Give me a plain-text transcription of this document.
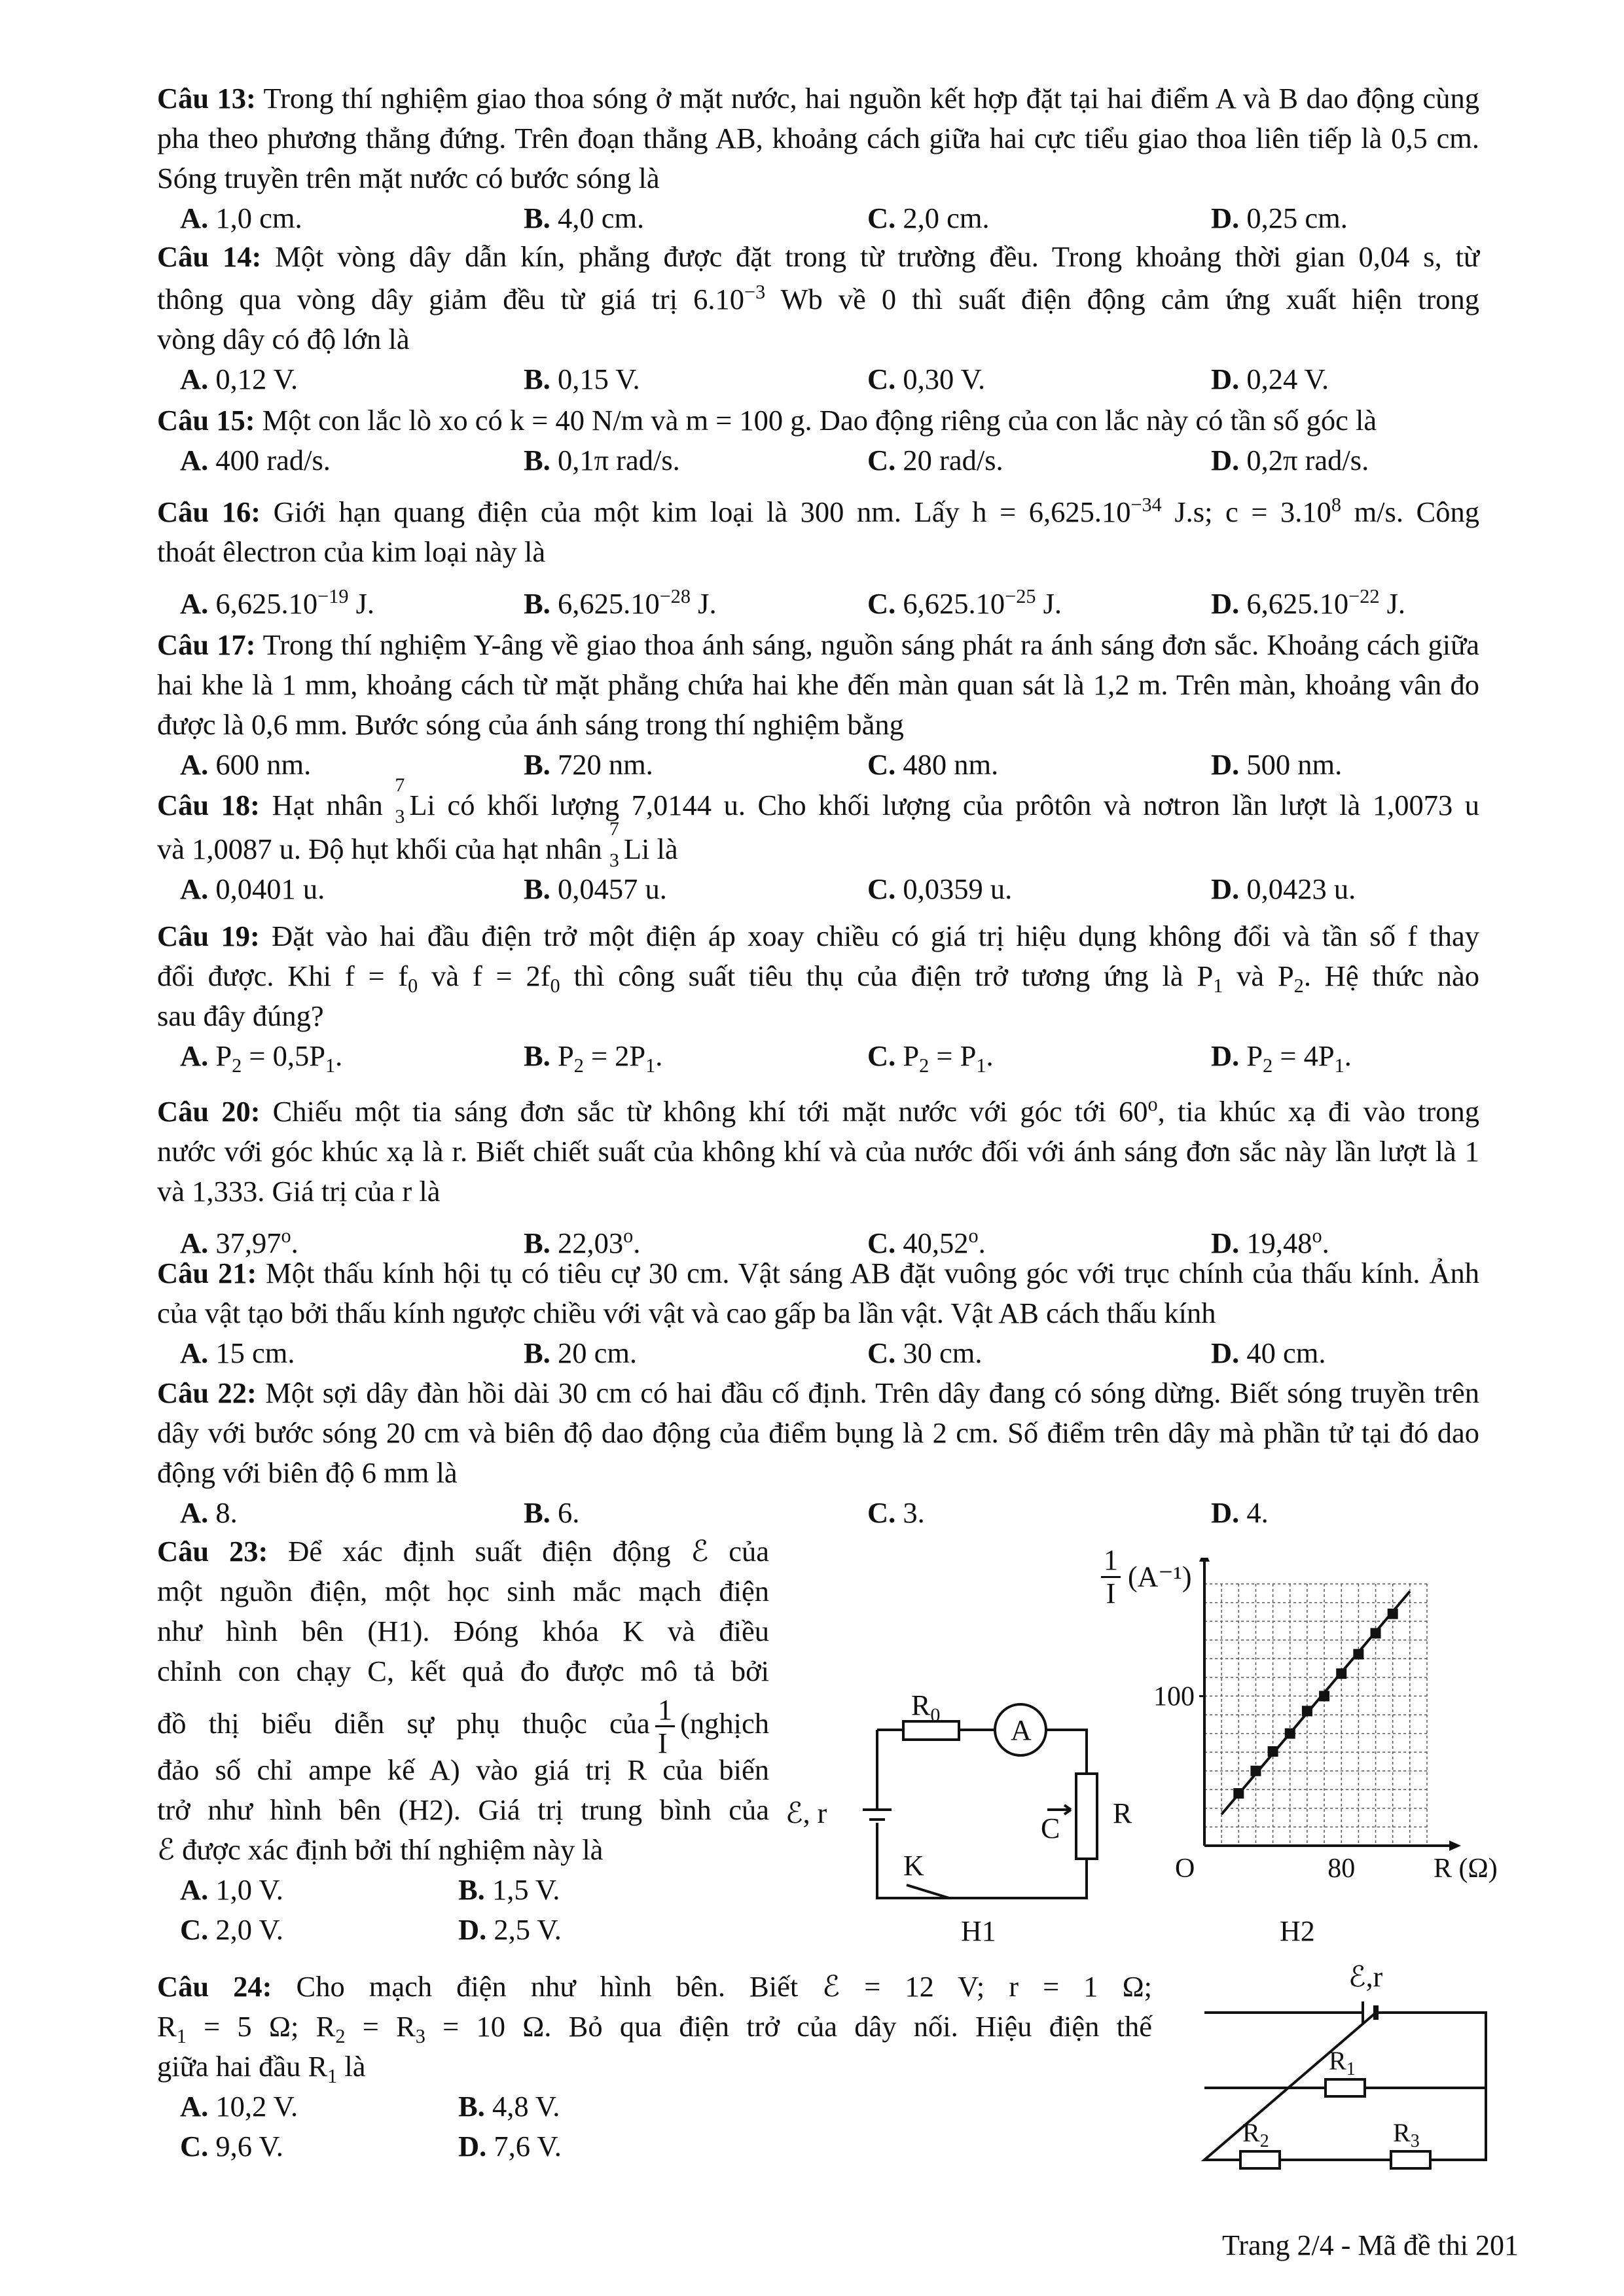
Câu 13: Trong thí nghiệm giao thoa sóng ở mặt nước, hai nguồn kết hợp đặt tại hai điểm A và B dao động cùng pha theo phương thẳng đứng. Trên đoạn thẳng AB, khoảng cách giữa hai cực tiểu giao thoa liên tiếp là 0,5 cm. Sóng truyền trên mặt nước có bước sóng là

A. 1,0 cm.	B. 4,0 cm.	C. 2,0 cm.	D. 0,25 cm.

Câu 14: Một vòng dây dẫn kín, phẳng được đặt trong từ trường đều. Trong khoảng thời gian 0,04 s, từ

thông qua vòng dây giảm đều từ giá trị $6.10^{-3}$ Wb về 0 thì suất điện động cảm ứng xuất hiện trong

vòng dây có độ lớn là

A. 0,12 V.	B. 0,15 V.	C. 0,30 V.	D. 0,24 V.

Câu 15: Một con lắc lò xo có k = 40 N/m và m = 100 g. Dao động riêng của con lắc này có tần số góc là

A. 400 rad/s.	B. 0,1π rad/s.	C. 20 rad/s.	D. 0,2π rad/s.

Câu 16: Giới hạn quang điện của một kim loại là 300 nm. Lấy $h = 6,625.10^{-34}$ J.s; $c = 3.10^8$ m/s. Công

thoát êlectron của kim loại này là

A. $6,625.10^{-19}$ J.	B. $6,625.10^{-28}$ J.	C. $6,625.10^{-25}$ J.	D. $6,625.10^{-22}$ J.

Câu 17: Trong thí nghiệm Y-âng về giao thoa ánh sáng, nguồn sáng phát ra ánh sáng đơn sắc. Khoảng cách giữa hai khe là 1 mm, khoảng cách từ mặt phẳng chứa hai khe đến màn quan sát là 1,2 m. Trên màn, khoảng vân đo được là 0,6 mm. Bước sóng của ánh sáng trong thí nghiệm bằng

A. 600 nm.	B. 720 nm.	C. 480 nm.	D. 500 nm.

Câu 18: Hạt nhân
7
3 Li có khối lượng 7,0144 u. Cho khối lượng của prôtôn và nơtron lần lượt là 1,0073 u

và 1,0087 u. Độ hụt khối của hạt nhân
7
3 Li là

A. 0,0401 u.	B. 0,0457 u.	C. 0,0359 u.	D. 0,0423 u.

Câu 19: Đặt vào hai đầu điện trở một điện áp xoay chiều có giá trị hiệu dụng không đổi và tần số f thay

đổi được. Khi $f = f_0$ và $f = 2f_0$ thì công suất tiêu thụ của điện trở tương ứng là $P_1$ và $P_2$. Hệ thức nào

sau đây đúng?

A. $P_2 = 0,5P_1$.	B. $P_2 = 2P_1$.	C. $P_2 = P_1$.	D. $P_2 = 4P_1$.

Câu 20: Chiếu một tia sáng đơn sắc từ không khí tới mặt nước với góc tới 60$^o$, tia khúc xạ đi vào trong

nước với góc khúc xạ là r. Biết chiết suất của không khí và của nước đối với ánh sáng đơn sắc này lần lượt là 1 và 1,333. Giá trị của r là

A. 37,97$^o$.	B. 22,03$^o$.	C. 40,52$^o$.	D. 19,48$^o$.

Câu 21: Một thấu kính hội tụ có tiêu cự 30 cm. Vật sáng AB đặt vuông góc với trục chính của thấu kính. Ảnh của vật tạo bởi thấu kính ngược chiều với vật và cao gấp ba lần vật. Vật AB cách thấu kính

A. 15 cm.	B. 20 cm.	C. 30 cm.	D. 40 cm.

Câu 22: Một sợi dây đàn hồi dài 30 cm có hai đầu cố định. Trên dây đang có sóng dừng. Biết sóng truyền trên dây với bước sóng 20 cm và biên độ dao động của điểm bụng là 2 cm. Số điểm trên dây mà phần tử tại đó dao động với biên độ 6 mm là

A. 8.	B. 6.	C. 3.	D. 4.

Câu 23: Để xác định suất điện động ℰ của

một nguồn điện, một học sinh mắc mạch điện

như hình bên (H1). Đóng khóa K và điều

chỉnh con chạy C, kết quả đo được mô tả bởi

đồ thị biểu diễn sự phụ thuộc của $\frac{1}{I}$ (nghịch

đảo số chỉ ampe kế A) vào giá trị R của biến

trở như hình bên (H2). Giá trị trung bình của

ℰ được xác định bởi thí nghiệm này là

A. 1,0 V.	B. 1,5 V.
C. 2,0 V.	D. 2,5 V.
$R_0$ A
ℰ, r	C R
K
H1
$\frac{1}{I} (A^{-1})$
100
80
O	R (Ω)
H2

Câu 24: Cho mạch điện như hình bên. Biết ℰ = 12 V; r = 1 Ω;

$R_1 = 5$ Ω; $R_2 = R_3 = 10$ Ω. Bỏ qua điện trở của dây nối. Hiệu điện thế

giữa hai đầu $R_1$ là

A. 10,2 V.	B. 4,8 V.
C. 9,6 V.	D. 7,6 V.
ℰ,r
$R_1$
$R_2$	$R_3$
Trang 2/4 - Mã đề thi 201
